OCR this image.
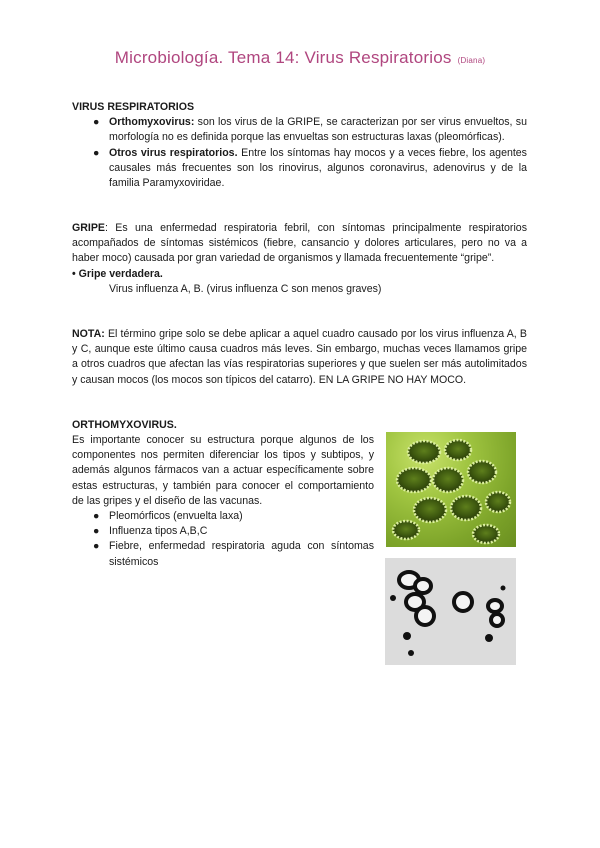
Microbiología. Tema 14: Virus Respiratorios (Diana)
VIRUS RESPIRATORIOS
● Orthomyxovirus: son los virus de la GRIPE, se caracterizan por ser virus envueltos, su morfología no es definida porque las envueltas son estructuras laxas (pleomórficas).
● Otros virus respiratorios. Entre los síntomas hay mocos y a veces fiebre, los agentes causales más frecuentes son los rinovirus, algunos coronavirus, adenovirus y de la familia Paramyxoviridae.
GRIPE: Es una enfermedad respiratoria febril, con síntomas principalmente respiratorios acompañados de síntomas sistémicos (fiebre, cansancio y dolores articulares, pero no va a haber moco) causada por gran variedad de organismos y llamada frecuentemente “gripe”.
• Gripe verdadera.
Virus influenza A, B. (virus influenza C son menos graves)
NOTA: El término gripe solo se debe aplicar a aquel cuadro causado por los virus influenza A, B y C, aunque este último causa cuadros más leves. Sin embargo, muchas veces llamamos gripe a otros cuadros que afectan las vías respiratorias superiores y que suelen ser más autolimitados y causan mocos (los mocos son típicos del catarro). EN LA GRIPE NO HAY MOCO.
ORTHOMYXOVIRUS.
Es importante conocer su estructura porque algunos de los componentes nos permiten diferenciar los tipos y subtipos, y además algunos fármacos van a actuar específicamente sobre estas estructuras, y también para conocer el comportamiento de las gripes y el diseño de las vacunas.
● Pleomórficos (envuelta laxa)
● Influenza tipos A,B,C
● Fiebre, enfermedad respiratoria aguda con síntomas sistémicos
